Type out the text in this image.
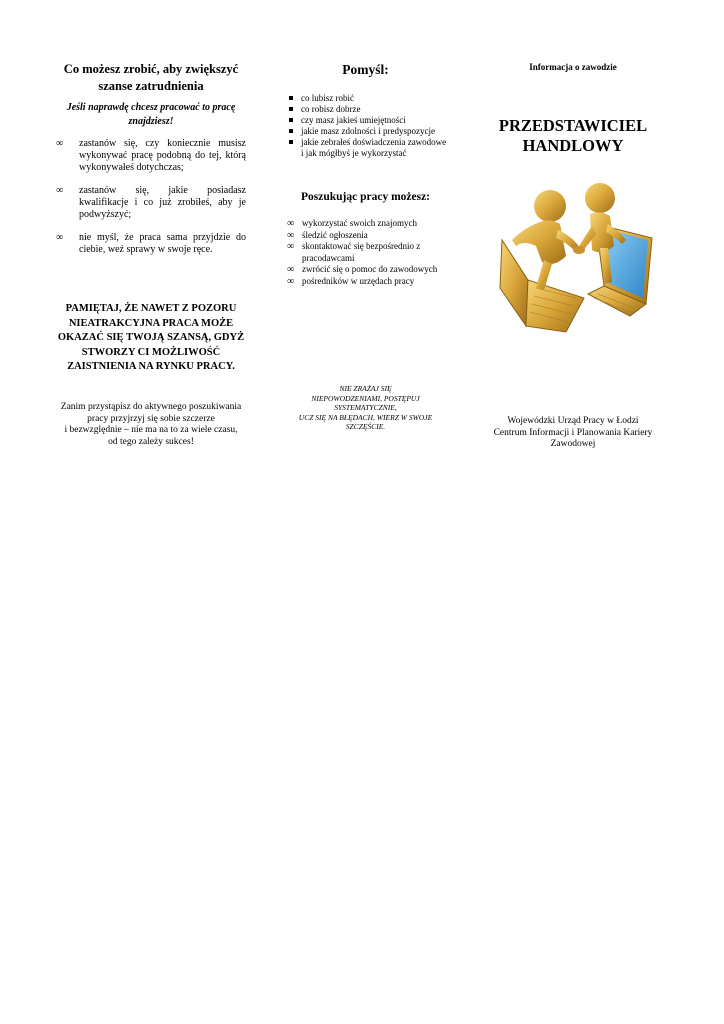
Co możesz zrobić, aby zwiększyć szanse zatrudnienia

Jeśli naprawdę chcesz pracować to pracę znajdziesz!

∞ zastanów się, czy koniecznie musisz wykonywać pracę podobną do tej, którą wykonywałeś dotychczas;
∞ zastanów się, jakie posiadasz kwalifikacje i co już zrobiłeś, aby je podwyższyć;
∞ nie myśl, że praca sama przyjdzie do ciebie, weź sprawy w swoje ręce.

PAMIĘTAJ, ŻE NAWET Z POZORU NIEATRAKCYJNA PRACA MOŻE OKAZAĆ SIĘ TWOJĄ SZANSĄ, GDYŻ STWORZY CI MOŻLIWOŚĆ ZAISTNIENIA NA RYNKU PRACY.

Zanim przystąpisz do aktywnego poszukiwania
pracy przyjrzyj się sobie szczerze
i bezwzględnie – nie ma na to za wiele czasu,
od tego zależy sukces!

Pomyśl:
co lubisz robić
co robisz dobrze
czy masz jakieś umiejętności
jakie masz zdolności i predyspozycje
jakie zebrałeś doświadczenia zawodowe i jak mógłbyś je wykorzystać
Poszukując pracy możesz:
∞ wykorzystać swoich znajomych
∞ śledzić ogłoszenia
∞ skontaktować się bezpośrednio z pracodawcami
∞ zwrócić się o pomoc do zawodowych
∞ pośredników w urzędach pracy

NIE ZRAŻAJ SIĘ
NIEPOWODZENIAMI, POSTĘPUJ
SYSTEMATYCZNIE,
UCZ SIĘ NA BŁĘDACH, WIERZ W SWOJE
SZCZĘŚCIE.

Informacja o zawodzie

PRZEDSTAWICIEL
HANDLOWY

Wojewódzki Urząd Pracy w Łodzi
Centrum Informacji i Planowania Kariery
Zawodowej
